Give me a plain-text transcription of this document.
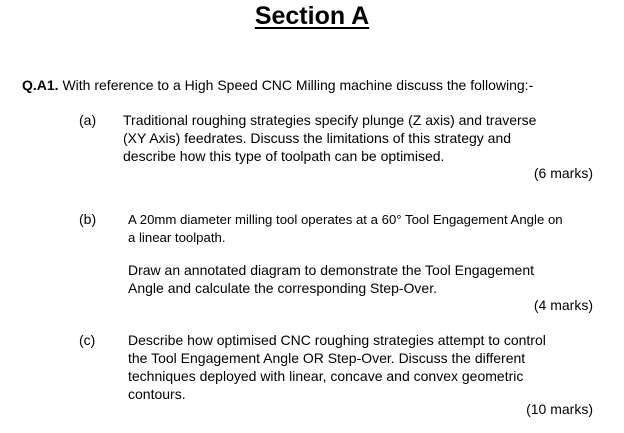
Section A
Q.A1. With reference to a High Speed CNC Milling machine discuss the following:-
(a) Traditional roughing strategies specify plunge (Z axis) and traverse
(XY Axis) feedrates. Discuss the limitations of this strategy and
describe how this type of toolpath can be optimised.
(6 marks)
(b) A 20mm diameter milling tool operates at a 60° Tool Engagement Angle on
a linear toolpath.
Draw an annotated diagram to demonstrate the Tool Engagement
Angle and calculate the corresponding Step-Over.
(4 marks)
(c) Describe how optimised CNC roughing strategies attempt to control
the Tool Engagement Angle OR Step-Over. Discuss the different
techniques deployed with linear, concave and convex geometric
contours.
(10 marks)
